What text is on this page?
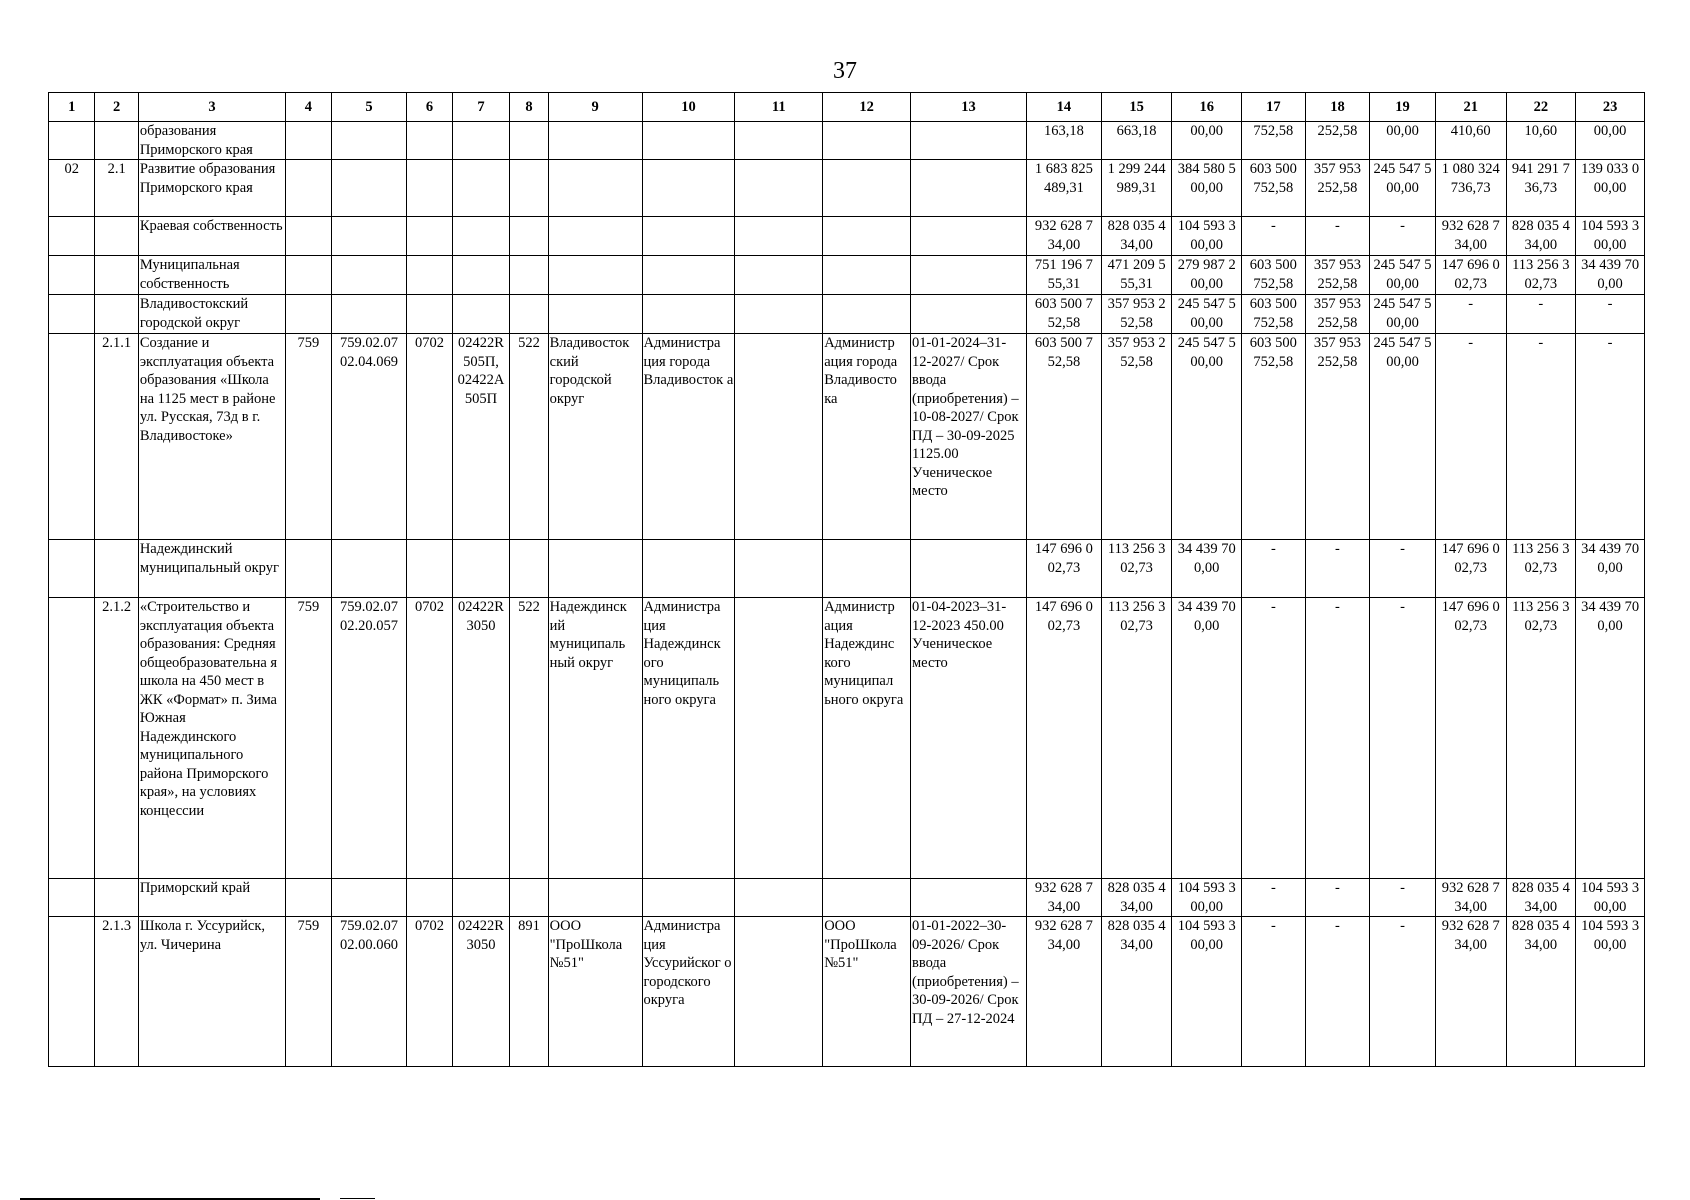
37
1	2	3	4	5	6	7	8	9	10	11	12	13	14	15	16	17	18	19	21	22	23
		образования Приморского края											163,18	663,18	00,00	752,58	252,58	00,00	410,60	10,60	00,00
02	2.1	Развитие образования Приморского края											1 683 825 489,31	1 299 244 989,31	384 580 5 00,00	603 500 752,58	357 953 252,58	245 547 5 00,00	1 080 324 736,73	941 291 7 36,73	139 033 0 00,00
		Краевая собственность											932 628 7 34,00	828 035 4 34,00	104 593 3 00,00	-	-	-	932 628 7 34,00	828 035 4 34,00	104 593 3 00,00
		Муниципальная собственность											751 196 7 55,31	471 209 5 55,31	279 987 2 00,00	603 500 752,58	357 953 252,58	245 547 5 00,00	147 696 0 02,73	113 256 3 02,73	34 439 70 0,00
		Владивостокский городской округ											603 500 7 52,58	357 953 2 52,58	245 547 5 00,00	603 500 752,58	357 953 252,58	245 547 5 00,00	-	-	-
	2.1.1	Создание и эксплуатация объекта образования «Школа на 1125 мест в районе ул. Русская, 73д в г. Владивостоке»	759	759.02.07 02.04.069	0702	02422R 505П, 02422А 505П	522	Владивосток ский городской округ	Администра ция города Владивосток а		Администр ация города Владивосто ка	01-01-2024–31-12-2027/ Срок ввода (приобретения) – 10-08-2027/ Срок ПД – 30-09-2025 1125.00 Ученическое место	603 500 7 52,58	357 953 2 52,58	245 547 5 00,00	603 500 752,58	357 953 252,58	245 547 5 00,00	-	-	-
		Надеждинский муниципальный округ											147 696 0 02,73	113 256 3 02,73	34 439 70 0,00	-	-	-	147 696 0 02,73	113 256 3 02,73	34 439 70 0,00
	2.1.2	«Строительство и эксплуатация объекта образования: Средняя общеобразовательна я школа на 450 мест в ЖК «Формат» п. Зима Южная Надеждинского муниципального района Приморского края», на условиях концессии	759	759.02.07 02.20.057	0702	02422R 3050	522	Надеждинск ий муниципаль ный округ	Администра ция Надеждинск ого муниципаль ного округа		Администр ация Надеждинс кого муниципал ьного округа	01-04-2023–31-12-2023 450.00 Ученическое место	147 696 0 02,73	113 256 3 02,73	34 439 70 0,00	-	-	-	147 696 0 02,73	113 256 3 02,73	34 439 70 0,00
		Приморский край											932 628 7 34,00	828 035 4 34,00	104 593 3 00,00	-	-	-	932 628 7 34,00	828 035 4 34,00	104 593 3 00,00
	2.1.3	Школа г. Уссурийск, ул. Чичерина	759	759.02.07 02.00.060	0702	02422R 3050	891	ООО "ПроШкола №51"	Администра ция Уссурийског о городского округа		ООО "ПроШкола №51"	01-01-2022–30-09-2026/ Срок ввода (приобретения) – 30-09-2026/ Срок ПД – 27-12-2024	932 628 7 34,00	828 035 4 34,00	104 593 3 00,00	-	-	-	932 628 7 34,00	828 035 4 34,00	104 593 3 00,00
